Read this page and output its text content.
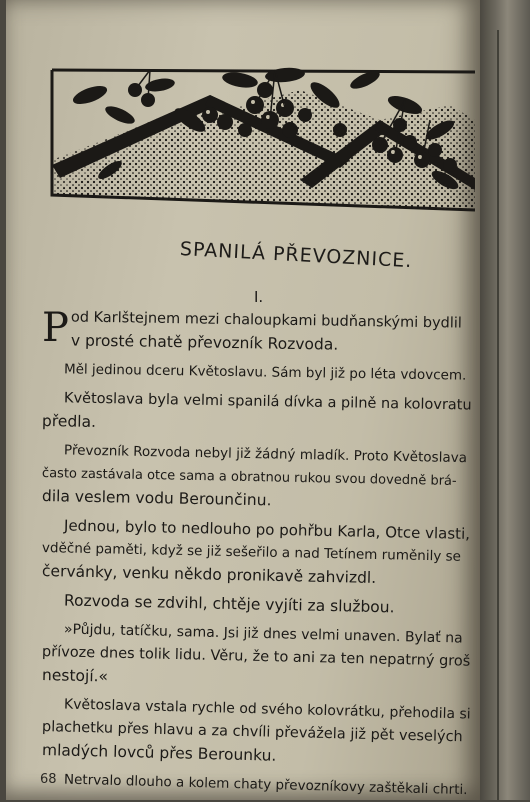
SPANILÁ PŘEVOZNICE.
I.

P od Karlštejnem mezi chaloupkami budňanskými bydlil
v prosté chatě převozník Rozvoda.

Měl jedinou dceru Květoslavu. Sám byl již po léta vdovcem.

Květoslava byla velmi spanilá dívka a pilně na kolovratu
předla.

Převozník Rozvoda nebyl již žádný mladík. Proto Květoslava
často zastávala otce sama a obratnou rukou svou dovedně brá-
dila veslem vodu Berounčinu.

Jednou, bylo to nedlouho po pohřbu Karla, Otce vlasti,
vděčné paměti, když se již sešeřilo a nad Tetínem ruměnily se
červánky, venku někdo pronikavě zahvizdl.

Rozvoda se zdvihl, chtěje vyjíti za službou.

»Půjdu, tatíčku, sama. Jsi již dnes velmi unaven. Bylať na
přívoze dnes tolik lidu. Věru, že to ani za ten nepatrný groš
nestojí.«

Květoslava vstala rychle od svého kolovrátku, přehodila si
plachetku přes hlavu a za chvíli převážela již pět veselých
mladých lovců přes Berounku.

Netrvalo dlouho a kolem chaty převozníkovy zaštěkali chrti.

68
